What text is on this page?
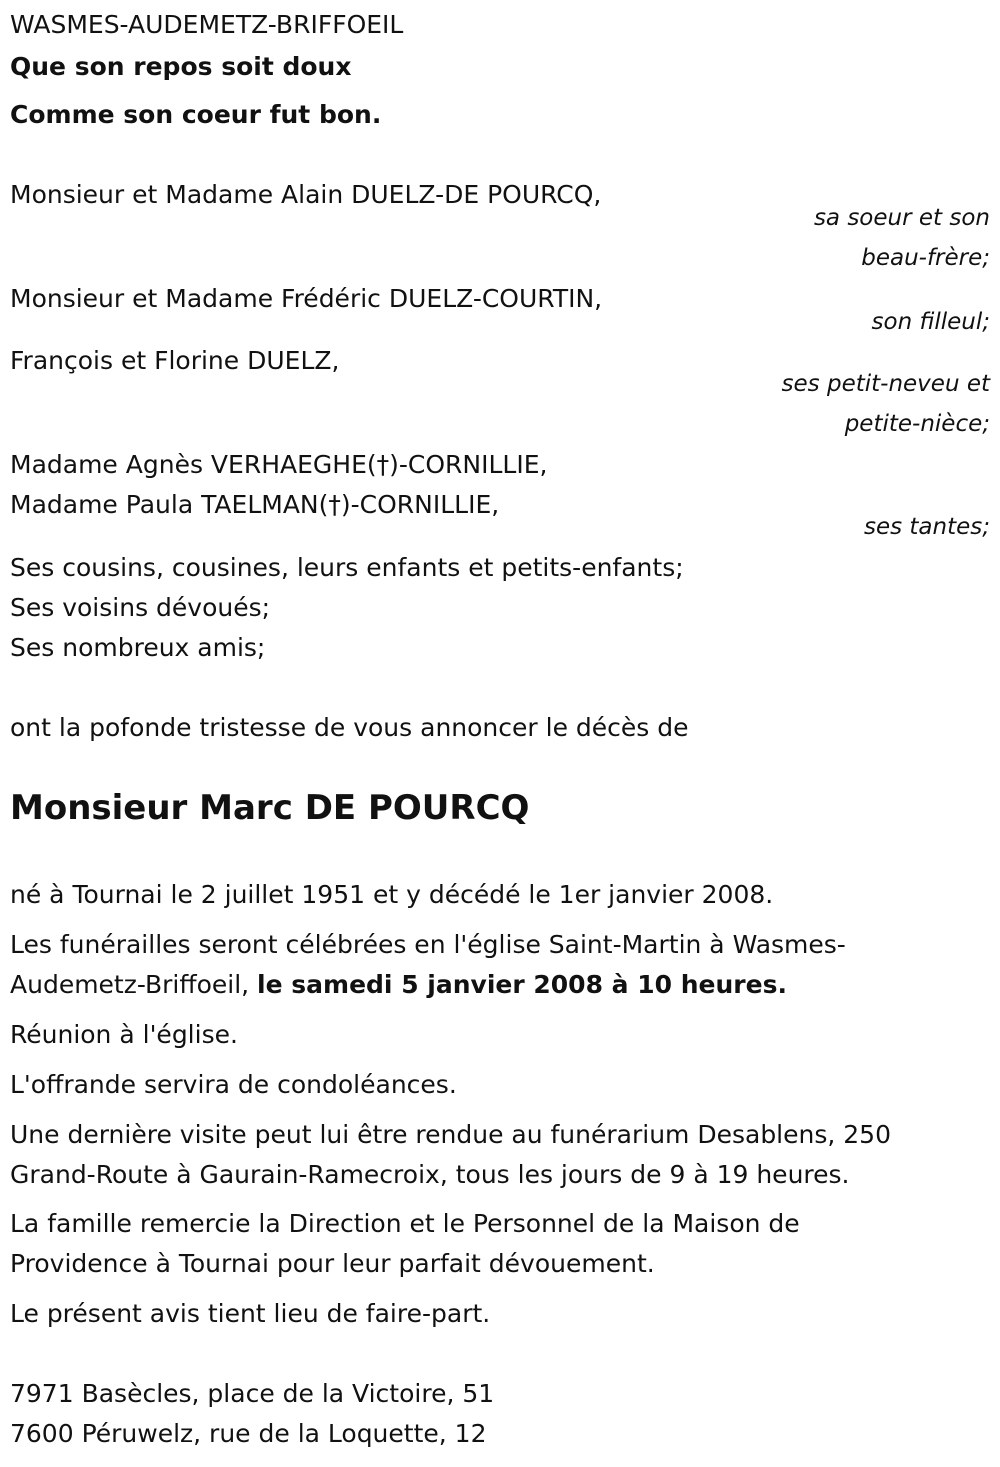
WASMES-AUDEMETZ-BRIFFOEIL
Que son repos soit doux
Comme son coeur fut bon.
Monsieur et Madame Alain DUELZ-DE POURCQ,
sa soeur et son
beau-frère;
Monsieur et Madame Frédéric DUELZ-COURTIN,
son filleul;
François et Florine DUELZ,
ses petit-neveu et
petite-nièce;
Madame Agnès VERHAEGHE(†)-CORNILLIE,
Madame Paula TAELMAN(†)-CORNILLIE,
ses tantes;
Ses cousins, cousines, leurs enfants et petits-enfants;
Ses voisins dévoués;
Ses nombreux amis;
ont la pofonde tristesse de vous annoncer le décès de
Monsieur Marc DE POURCQ
né à Tournai le 2 juillet 1951 et y décédé le 1er janvier 2008.
Les funérailles seront célébrées en l'église Saint-Martin à Wasmes-
Audemetz-Briffoeil, le samedi 5 janvier 2008 à 10 heures.
Réunion à l'église.
L'offrande servira de condoléances.
Une dernière visite peut lui être rendue au funérarium Desablens, 250
Grand-Route à Gaurain-Ramecroix, tous les jours de 9 à 19 heures.
La famille remercie la Direction et le Personnel de la Maison de
Providence à Tournai pour leur parfait dévouement.
Le présent avis tient lieu de faire-part.
7971 Basècles, place de la Victoire, 51
7600 Péruwelz, rue de la Loquette, 12
